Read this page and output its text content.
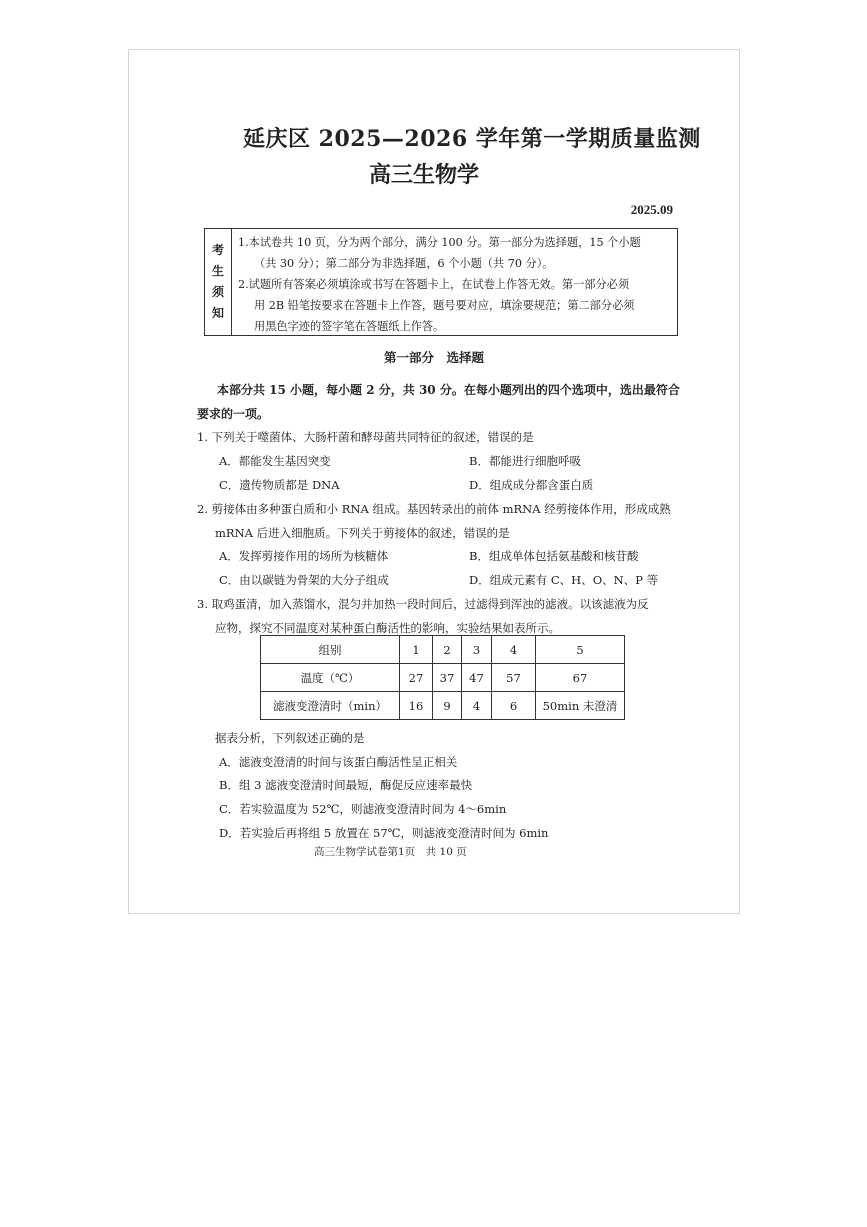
延庆区 2025—2026 学年第一学期质量监测
高三生物学
2025.09
考
生
须
知
1.本试卷共 10 页，分为两个部分，满分 100 分。第一部分为选择题，15 个小题
（共 30 分）；第二部分为非选择题，6 个小题（共 70 分）。
2.试题所有答案必须填涂或书写在答题卡上，在试卷上作答无效。第一部分必须
用 2B 铅笔按要求在答题卡上作答，题号要对应，填涂要规范；第二部分必须
用黑色字迹的签字笔在答题纸上作答。
第一部分　选择题
本部分共 15 小题，每小题 2 分，共 30 分。在每小题列出的四个选项中，选出最符合要求的一项。
1. 下列关于噬菌体、大肠杆菌和酵母菌共同特征的叙述，错误的是
A．都能发生基因突变	B．都能进行细胞呼吸
C．遗传物质都是 DNA	D．组成成分都含蛋白质
2. 剪接体由多种蛋白质和小 RNA 组成。基因转录出的前体 mRNA 经剪接体作用，形成成熟
mRNA 后进入细胞质。下列关于剪接体的叙述，错误的是
A．发挥剪接作用的场所为核糖体	B．组成单体包括氨基酸和核苷酸
C．由以碳链为骨架的大分子组成	D．组成元素有 C、H、O、N、P 等
3. 取鸡蛋清，加入蒸馏水，混匀并加热一段时间后，过滤得到浑浊的滤液。以该滤液为反
应物，探究不同温度对某种蛋白酶活性的影响，实验结果如表所示。
组别	1	2	3	4	5
温度（℃）	27	37	47	57	67
滤液变澄清时（min）	16	9	4	6	50min 未澄清
据表分析，下列叙述正确的是
A．滤液变澄清的时间与该蛋白酶活性呈正相关
B．组 3 滤液变澄清时间最短，酶促反应速率最快
C．若实验温度为 52℃，则滤液变澄清时间为 4～6min
D．若实验后再将组 5 放置在 57℃，则滤液变澄清时间为 6min
高三生物学试卷第1页　共 10 页
